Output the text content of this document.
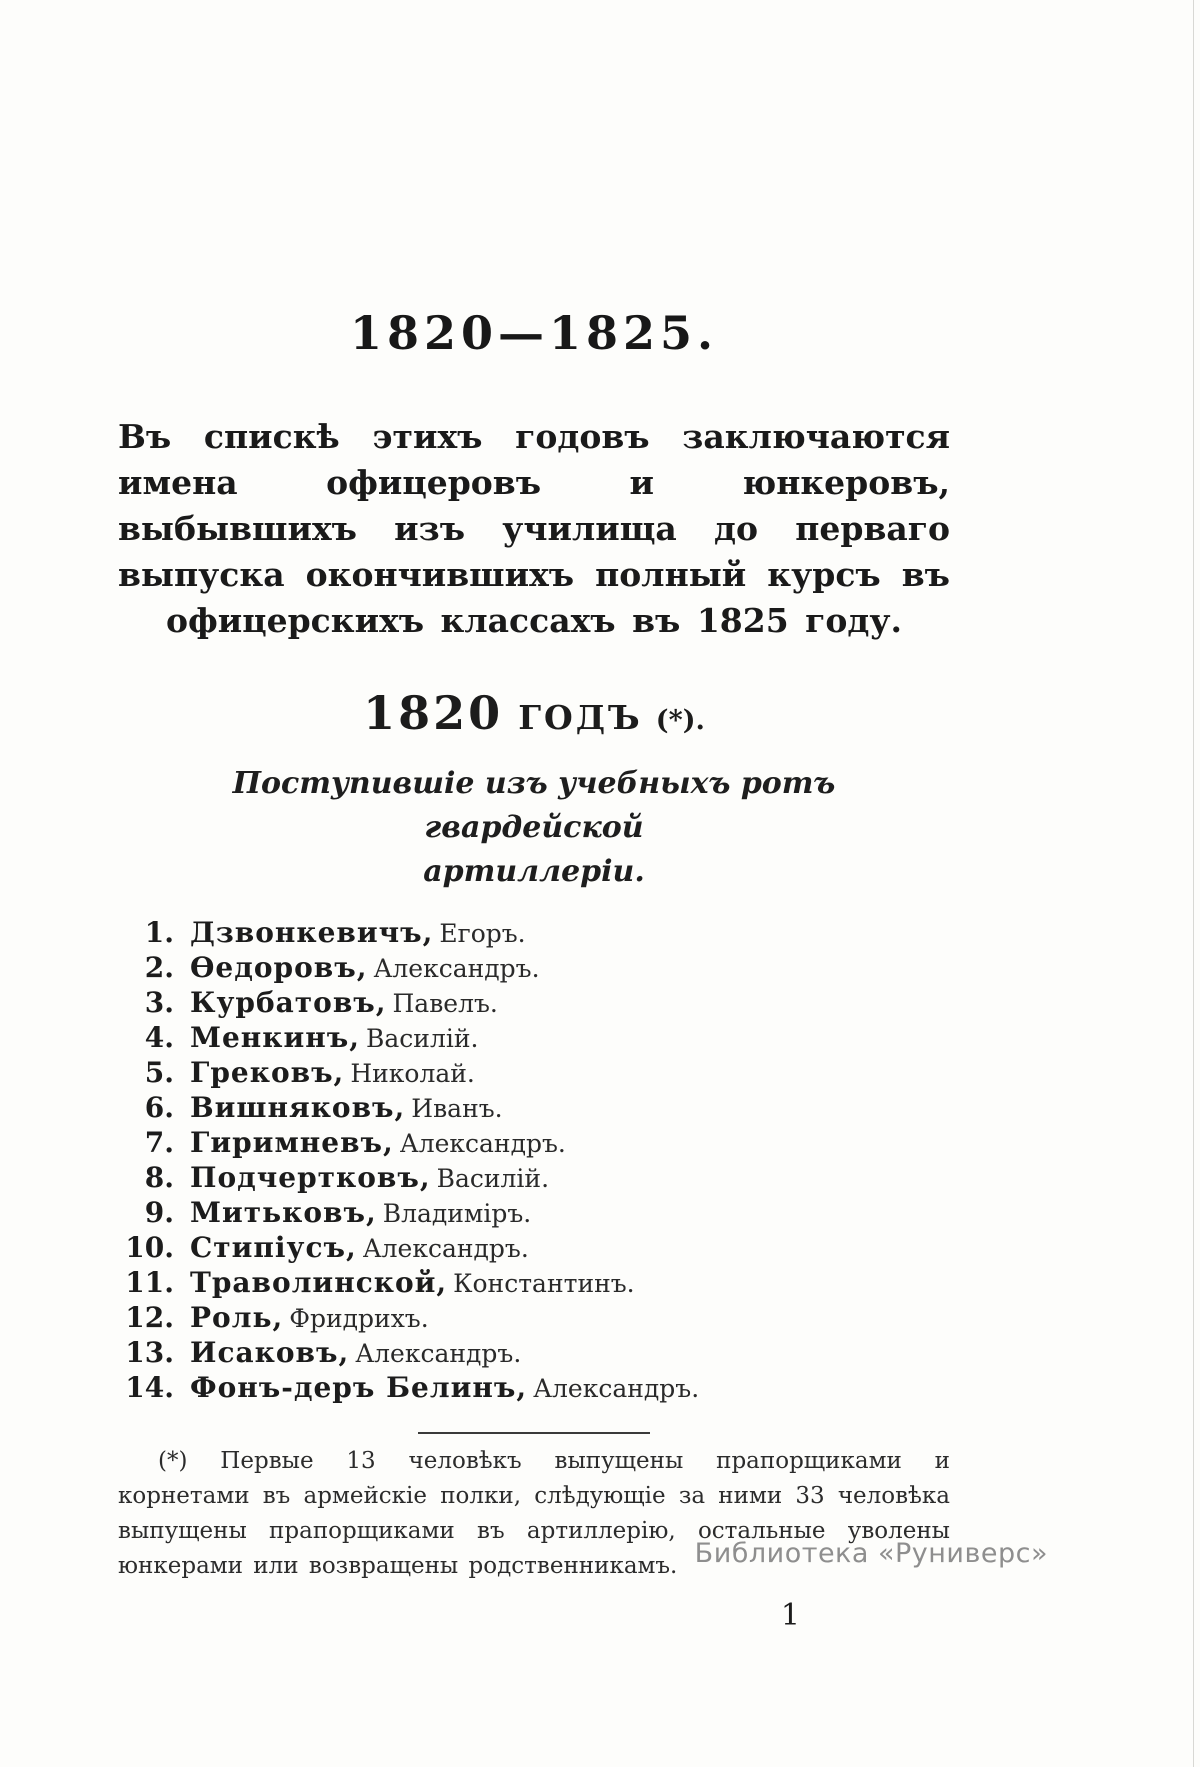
1820—1825.

Въ спискѣ этихъ годовъ заключаются имена офицеровъ и юнкеровъ, выбывшихъ изъ училища до перваго выпуска окончившихъ полный курсъ въ офицерскихъ классахъ въ 1825 году.

1820 ГОДЪ (*).
Поступившіе изъ учебныхъ ротъ гвардейской
артиллеріи.
1. Дзвонкевичъ, Егоръ.
2. Ѳедоровъ, Александръ.
3. Курбатовъ, Павелъ.
4. Менкинъ, Василій.
5. Грековъ, Николай.
6. Вишняковъ, Иванъ.
7. Гиримневъ, Александръ.
8. Подчертковъ, Василій.
9. Митьковъ, Владиміръ.
10. Стипіусъ, Александръ.
11. Траволинской, Константинъ.
12. Роль, Фридрихъ.
13. Исаковъ, Александръ.
14. Фонъ-деръ Белинъ, Александръ.

(*) Первые 13 человѣкъ выпущены прапорщиками и корнетами въ армейскіе полки, слѣдующіе за ними 33 человѣка выпущены прапорщиками въ артиллерію, остальные уволены юнкерами или возвращены родственникамъ.

1
Библиотека «Руниверс»
